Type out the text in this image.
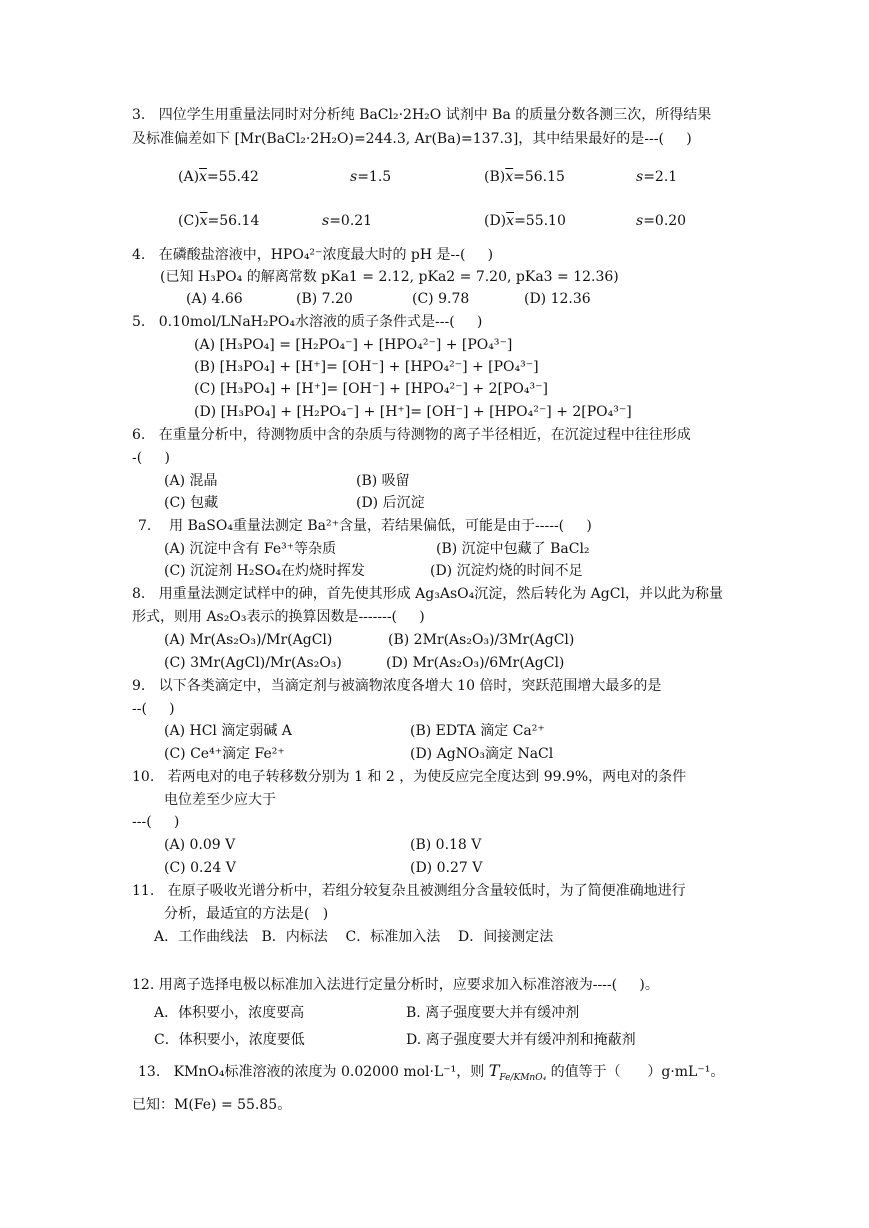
3. 四位学生用重量法同时对分析纯 BaCl₂·2H₂O 试剂中 Ba 的质量分数各测三次，所得结果
及标准偏差如下 [Mr(BaCl₂·2H₂O)=244.3, Ar(Ba)=137.3]，其中结果最好的是---(     )
$(A)\overline{x}=55.42$	s=1.5	$(B)\overline{x}=56.15$	s=2.1
$(C)\overline{x}=56.14$	s=0.21	$(D)\overline{x}=55.10$	s=0.20
4. 在磷酸盐溶液中，HPO₄²⁻浓度最大时的 pH 是--(     )
(已知 H₃PO₄ 的解离常数 pKa1 = 2.12, pKa2 = 7.20, pKa3 = 12.36)
(A) 4.66	(B) 7.20	(C) 9.78	(D) 12.36
5. 0.10mol/LNaH₂PO₄水溶液的质子条件式是---(     )
(A) [H₃PO₄] = [H₂PO₄⁻] + [HPO₄²⁻] + [PO₄³⁻]
(B) [H₃PO₄] + [H⁺]= [OH⁻] + [HPO₄²⁻] + [PO₄³⁻]
(C) [H₃PO₄] + [H⁺]= [OH⁻] + [HPO₄²⁻] + 2[PO₄³⁻]
(D) [H₃PO₄] + [H₂PO₄⁻] + [H⁺]= [OH⁻] + [HPO₄²⁻] + 2[PO₄³⁻]
6. 在重量分析中，待测物质中含的杂质与待测物的离子半径相近，在沉淀过程中往往形成
-(     )
(A) 混晶	(B) 吸留
(C) 包藏	(D) 后沉淀
7. 用 BaSO₄重量法测定 Ba²⁺含量，若结果偏低，可能是由于-----(     )
(A) 沉淀中含有 Fe³⁺等杂质	(B) 沉淀中包藏了 BaCl₂
(C) 沉淀剂 H₂SO₄在灼烧时挥发	(D) 沉淀灼烧的时间不足
8. 用重量法测定试样中的砷，首先使其形成 Ag₃AsO₄沉淀，然后转化为 AgCl，并以此为称量
形式，则用 As₂O₃表示的换算因数是-------(     )
(A) Mr(As₂O₃)/Mr(AgCl)	(B) 2Mr(As₂O₃)/3Mr(AgCl)
(C) 3Mr(AgCl)/Mr(As₂O₃)	(D) Mr(As₂O₃)/6Mr(AgCl)
9. 以下各类滴定中，当滴定剂与被滴物浓度各增大 10 倍时，突跃范围增大最多的是
--(     )
(A) HCl 滴定弱碱 A	(B) EDTA 滴定 Ca²⁺
(C) Ce⁴⁺滴定 Fe²⁺	(D) AgNO₃滴定 NaCl
10. 若两电对的电子转移数分别为 1 和 2 ，为使反应完全度达到 99.9%，两电对的条件
电位差至少应大于
---(     )
(A) 0.09 V	(B) 0.18 V
(C) 0.24 V	(D) 0.27 V
11. 在原子吸收光谱分析中，若组分较复杂且被测组分含量较低时，为了简便准确地进行
分析，最适宜的方法是(   )
A．工作曲线法   B．内标法    C．标准加入法    D．间接测定法
12. 用离子选择电极以标准加入法进行定量分析时，应要求加入标准溶液为----(     )。
A．体积要小，浓度要高	B. 离子强度要大并有缓冲剂
C．体积要小，浓度要低	D. 离子强度要大并有缓冲剂和掩蔽剂
13. KMnO₄标准溶液的浓度为 0.02000 mol·L⁻¹，则 $T_{Fe/KMnO_4}$ 的值等于（      ）g·mL⁻¹。
已知：M(Fe) = 55.85。
